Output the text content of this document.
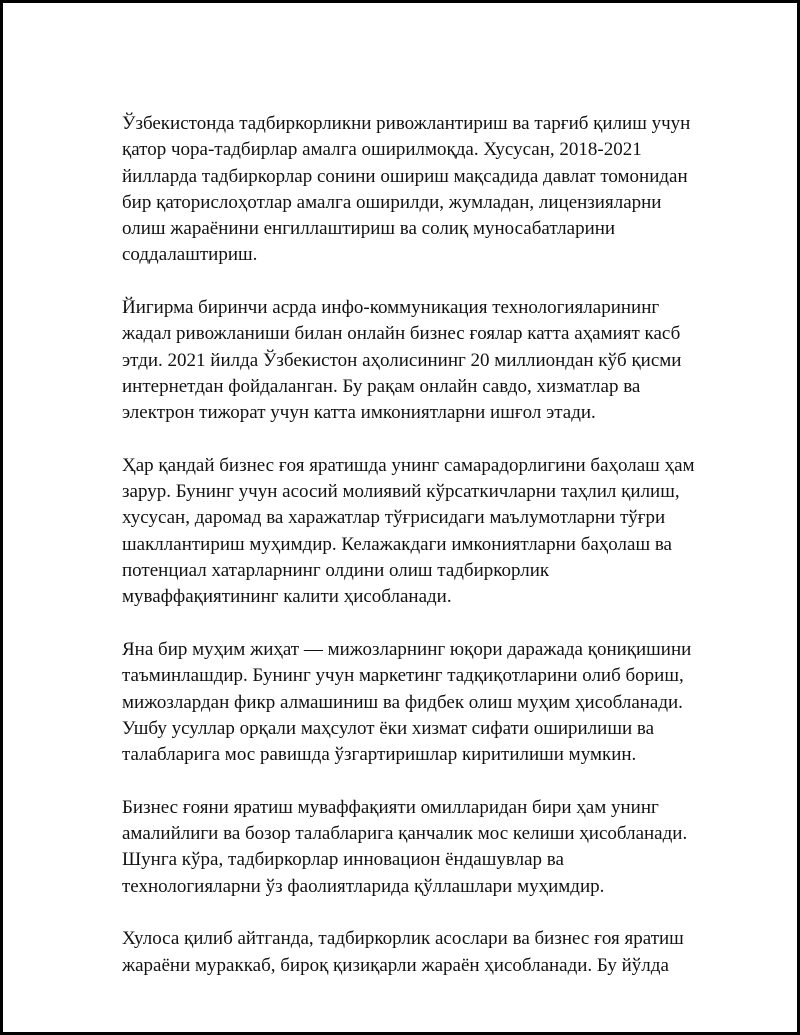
Ўзбекистонда тадбиркорликни ривожлантириш ва тарғиб қилиш учун
қатор чора-тадбирлар амалга оширилмоқда. Хусусан, 2018-2021
йилларда тадбиркорлар сонини ошириш мақсадида давлат томонидан
бир қаторислоҳотлар амалга оширилди, жумладан, лицензияларни
олиш жараёнини енгиллаштириш ва солиқ муносабатларини
соддалаштириш.

Йигирма биринчи асрда инфо-коммуникация технологияларининг
жадал ривожланиши билан онлайн бизнес ғоялар катта аҳамият касб
этди. 2021 йилда Ўзбекистон аҳолисининг 20 миллиондан кўб қисми
интернетдан фойдаланган. Бу рақам онлайн савдо, хизматлар ва
электрон тижорат учун катта имкониятларни ишғол этади.

Ҳар қандай бизнес ғоя яратишда унинг самарадорлигини баҳолаш ҳам
зарур. Бунинг учун асосий молиявий кўрсаткичларни таҳлил қилиш,
хусусан, даромад ва харажатлар тўғрисидаги маълумотларни тўғри
шакллантириш муҳимдир. Келажакдаги имкониятларни баҳолаш ва
потенциал хатарларнинг олдини олиш тадбиркорлик
муваффақиятининг калити ҳисобланади.

Яна бир муҳим жиҳат — мижозларнинг юқори даражада қониқишини
таъминлашдир. Бунинг учун маркетинг тадқиқотларини олиб бориш,
мижозлардан фикр алмашиниш ва фидбек олиш муҳим ҳисобланади.
Ушбу усуллар орқали маҳсулот ёки хизмат сифати оширилиши ва
талабларига мос равишда ўзгартиришлар киритилиши мумкин.

Бизнес ғояни яратиш муваффақияти омилларидан бири ҳам унинг
амалийлиги ва бозор талабларига қанчалик мос келиши ҳисобланади.
Шунга кўра, тадбиркорлар инновацион ёндашувлар ва
технологияларни ўз фаолиятларида қўллашлари муҳимдир.

Хулоса қилиб айтганда, тадбиркорлик асослари ва бизнес ғоя яратиш
жараёни мураккаб, бироқ қизиқарли жараён ҳисобланади. Бу йўлда
